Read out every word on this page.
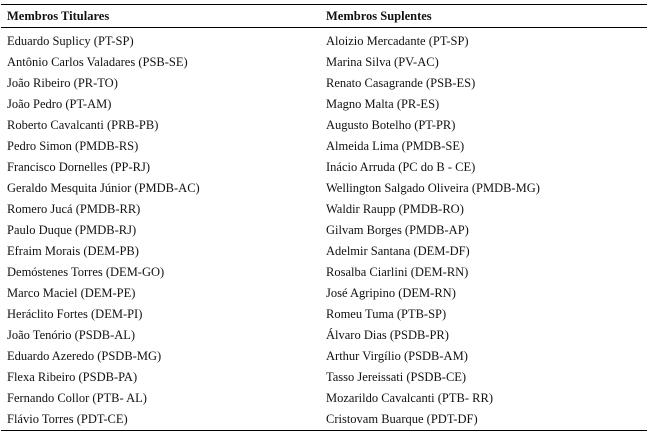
Membros Titulares	Membros Suplentes
Eduardo Suplicy (PT-SP)	Aloizio Mercadante (PT-SP)
Antônio Carlos Valadares (PSB-SE)	Marina Silva (PV-AC)
João Ribeiro (PR-TO)	Renato Casagrande (PSB-ES)
João Pedro (PT-AM)	Magno Malta (PR-ES)
Roberto Cavalcanti (PRB-PB)	Augusto Botelho (PT-PR)
Pedro Simon (PMDB-RS)	Almeida Lima (PMDB-SE)
Francisco Dornelles (PP-RJ)	Inácio Arruda (PC do B - CE)
Geraldo Mesquita Júnior (PMDB-AC)	Wellington Salgado Oliveira (PMDB-MG)
Romero Jucá (PMDB-RR)	Waldir Raupp (PMDB-RO)
Paulo Duque (PMDB-RJ)	Gilvam Borges (PMDB-AP)
Efraim Morais (DEM-PB)	Adelmir Santana (DEM-DF)
Demóstenes Torres (DEM-GO)	Rosalba Ciarlini (DEM-RN)
Marco Maciel (DEM-PE)	José Agripino (DEM-RN)
Heráclito Fortes (DEM-PI)	Romeu Tuma (PTB-SP)
João Tenório (PSDB-AL)	Álvaro Dias (PSDB-PR)
Eduardo Azeredo (PSDB-MG)	Arthur Virgílio (PSDB-AM)
Flexa Ribeiro (PSDB-PA)	Tasso Jereissati (PSDB-CE)
Fernando Collor (PTB- AL)	Mozarildo Cavalcanti (PTB- RR)
Flávio Torres (PDT-CE)	Cristovam Buarque (PDT-DF)
